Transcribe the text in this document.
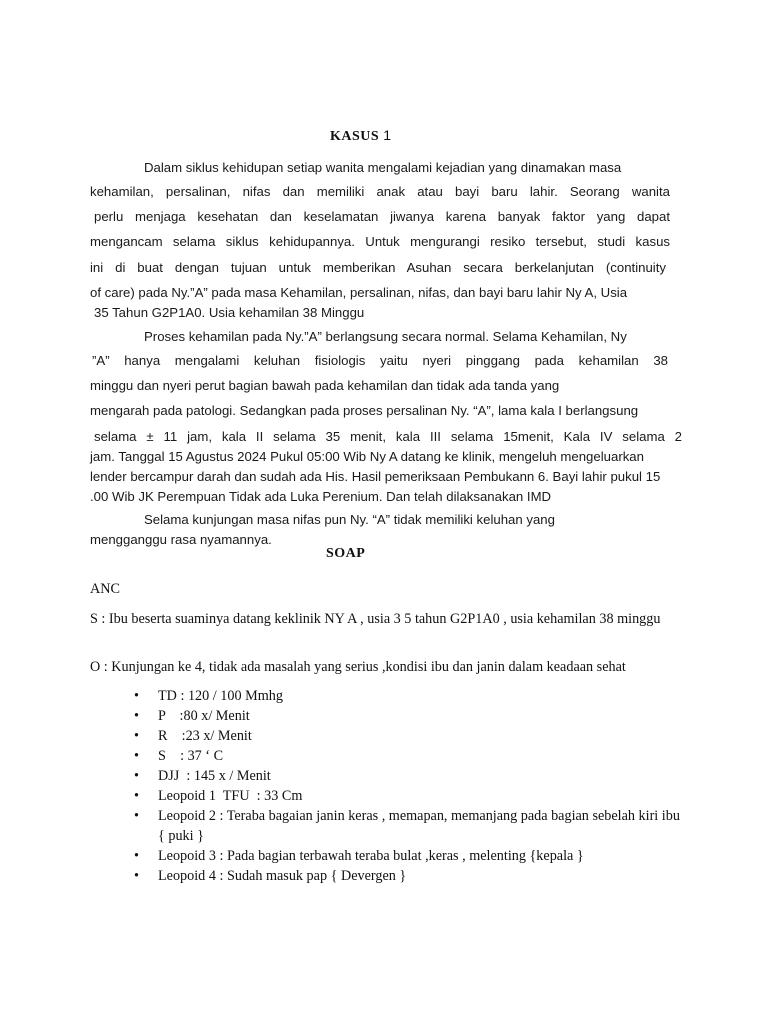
KASUS 1
Dalam siklus kehidupan setiap wanita mengalami kejadian yang dinamakan masa
kehamilan, persalinan, nifas dan memiliki anak atau bayi baru lahir. Seorang wanita
perlu menjaga kesehatan dan keselamatan jiwanya karena banyak faktor yang dapat
mengancam selama siklus kehidupannya. Untuk mengurangi resiko tersebut, studi kasus
ini di buat dengan tujuan untuk memberikan Asuhan secara berkelanjutan (continuity
of care) pada Ny.”A” pada masa Kehamilan, persalinan, nifas, dan bayi baru lahir Ny A, Usia
35 Tahun G2P1A0. Usia kehamilan 38 Minggu
Proses kehamilan pada Ny.”A” berlangsung secara normal. Selama Kehamilan, Ny
”A” hanya mengalami keluhan fisiologis yaitu nyeri pinggang pada kehamilan 38
minggu dan nyeri perut bagian bawah pada kehamilan dan tidak ada tanda yang
mengarah pada patologi. Sedangkan pada proses persalinan Ny. “A”, lama kala I berlangsung
selama ± 11 jam, kala II selama 35 menit, kala III selama 15menit, Kala IV selama 2
jam. Tanggal 15 Agustus 2024 Pukul 05:00 Wib Ny A datang ke klinik, mengeluh mengeluarkan
lender bercampur darah dan sudah ada His. Hasil pemeriksaan Pembukann 6. Bayi lahir pukul 15
.00 Wib JK Perempuan Tidak ada Luka Perenium. Dan telah dilaksanakan IMD
Selama kunjungan masa nifas pun Ny. “A” tidak memiliki keluhan yang
mengganggu rasa nyamannya.
SOAP
ANC
S : Ibu beserta suaminya datang keklinik NY A , usia 3 5 tahun G2P1A0 , usia kehamilan 38 minggu
O : Kunjungan ke 4, tidak ada masalah yang serius ,kondisi ibu dan janin dalam keadaan sehat
• TD : 120 / 100 Mmhg
• P    :80 x/ Menit
• R    :23 x/ Menit
• S    : 37 ‘ C
• DJJ  : 145 x / Menit
• Leopoid 1  TFU  : 33 Cm
• Leopoid 2 : Teraba bagaian janin keras , memapan, memanjang pada bagian sebelah kiri ibu { puki }
• Leopoid 3 : Pada bagian terbawah teraba bulat ,keras , melenting {kepala }
• Leopoid 4 : Sudah masuk pap { Devergen }
